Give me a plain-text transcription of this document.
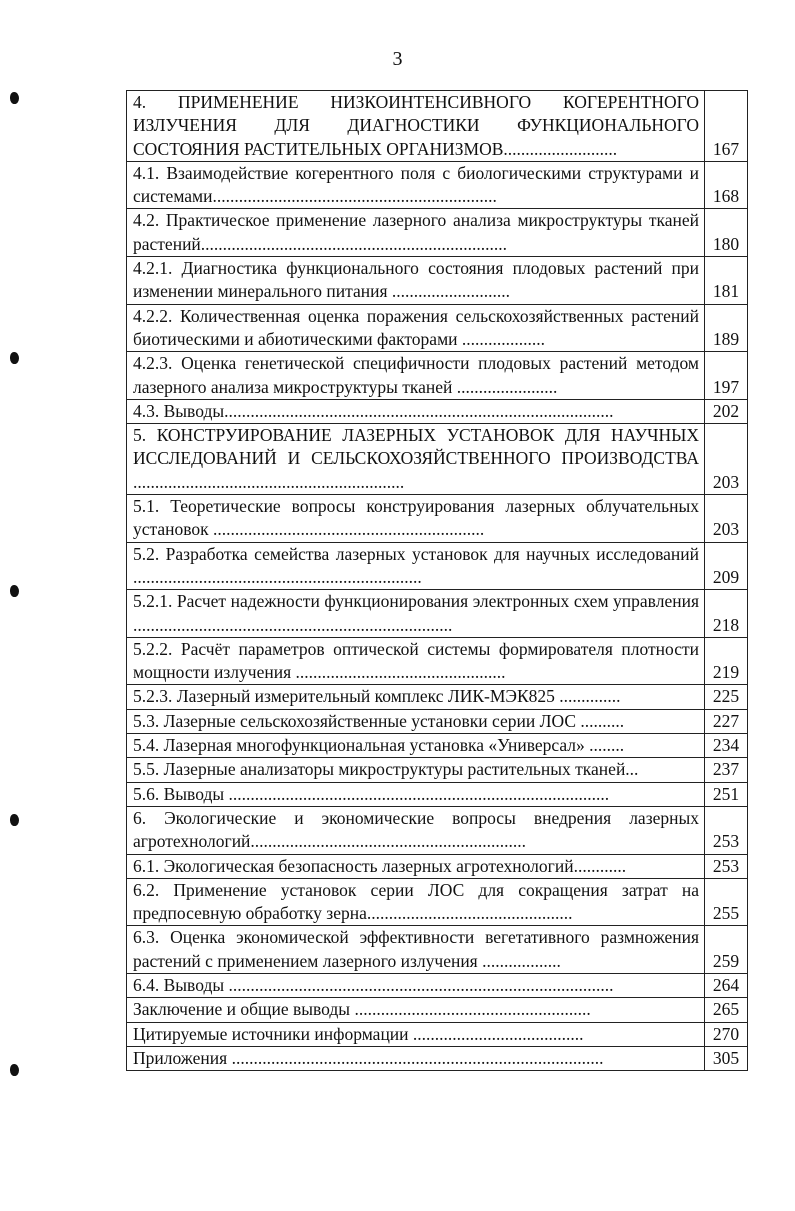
3
4. ПРИМЕНЕНИЕ НИЗКОИНТЕНСИВНОГО КОГЕРЕНТНОГО ИЗЛУЧЕНИЯ ДЛЯ ДИАГНОСТИКИ ФУНКЦИОНАЛЬНОГО СОСТОЯНИЯ РАСТИТЕЛЬНЫХ ОРГАНИЗМОВ..........................	167
4.1. Взаимодействие когерентного поля с биологическими структурами и системами.................................................................	168
4.2. Практическое применение лазерного анализа микроструктуры тканей растений......................................................................	180
4.2.1. Диагностика функционального состояния плодовых растений при изменении минерального питания ...........................	181
4.2.2. Количественная оценка поражения сельскохозяйственных растений биотическими и абиотическими факторами ...................	189
4.2.3. Оценка генетической специфичности плодовых растений методом лазерного анализа микроструктуры тканей .......................	197
4.3. Выводы.........................................................................................	202
5. КОНСТРУИРОВАНИЕ ЛАЗЕРНЫХ УСТАНОВОК ДЛЯ НАУЧНЫХ ИССЛЕДОВАНИЙ И СЕЛЬСКОХОЗЯЙСТВЕННОГО ПРОИЗВОДСТВА ..............................................................	203
5.1. Теоретические вопросы конструирования лазерных облучательных установок ..............................................................	203
5.2. Разработка семейства лазерных установок для научных исследований ..................................................................	209
5.2.1. Расчет надежности функционирования электронных схем управления .........................................................................	218
5.2.2. Расчёт параметров оптической системы формирователя плотности мощности излучения ................................................	219
5.2.3. Лазерный измерительный комплекс ЛИК-МЭК825 ..............	225
5.3. Лазерные сельскохозяйственные установки серии ЛОС ..........	227
5.4. Лазерная многофункциональная установка «Универсал» ........	234
5.5. Лазерные анализаторы микроструктуры растительных тканей...	237
5.6. Выводы .......................................................................................	251
6. Экологические и экономические вопросы внедрения лазерных агротехнологий...............................................................	253
6.1. Экологическая безопасность лазерных агротехнологий............	253
6.2. Применение установок серии ЛОС для сокращения затрат на предпосевную обработку зерна...............................................	255
6.3. Оценка экономической эффективности вегетативного размножения растений с применением лазерного излучения ..................	259
6.4. Выводы ........................................................................................	264
Заключение и общие выводы ......................................................	265
Цитируемые источники информации .......................................	270
Приложения .....................................................................................	305
